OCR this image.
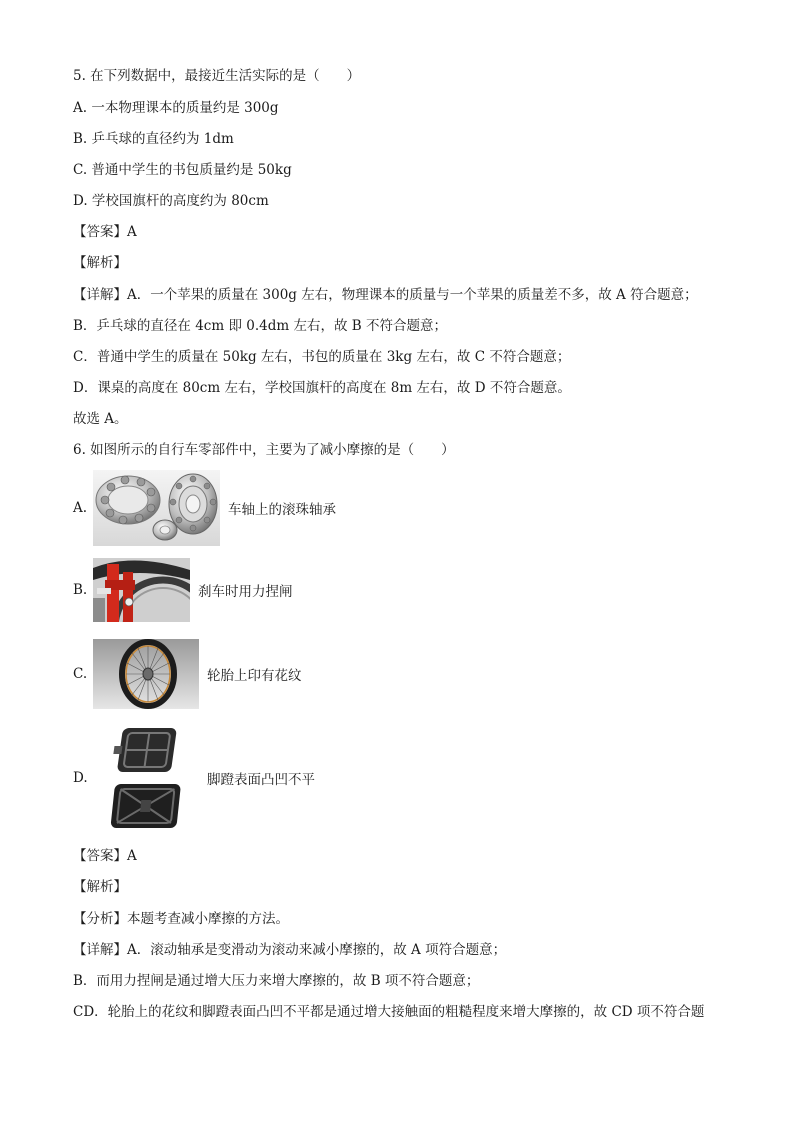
5. 在下列数据中，最接近生活实际的是（　　）
A. 一本物理课本的质量约是 300g
B. 乒乓球的直径约为 1dm
C. 普通中学生的书包质量约是 50kg
D. 学校国旗杆的高度约为 80cm
【答案】A
【解析】
【详解】A．一个苹果的质量在 300g 左右，物理课本的质量与一个苹果的质量差不多，故 A 符合题意；
B．乒乓球的直径在 4cm 即 0.4dm 左右，故 B 不符合题意；
C．普通中学生的质量在 50kg 左右，书包的质量在 3kg 左右，故 C 不符合题意；
D．课桌的高度在 80cm 左右，学校国旗杆的高度在 8m 左右，故 D 不符合题意。
故选 A。
6. 如图所示的自行车零部件中，主要为了减小摩擦的是（　　）
A.	车轴上的滚珠轴承
B.	刹车时用力捏闸
C.	轮胎上印有花纹
D.	脚蹬表面凸凹不平
【答案】A
【解析】
【分析】本题考查减小摩擦的方法。
【详解】A．滚动轴承是变滑动为滚动来减小摩擦的，故 A 项符合题意；
B．而用力捏闸是通过增大压力来增大摩擦的，故 B 项不符合题意；
CD．轮胎上的花纹和脚蹬表面凸凹不平都是通过增大接触面的粗糙程度来增大摩擦的，故 CD 项不符合题
